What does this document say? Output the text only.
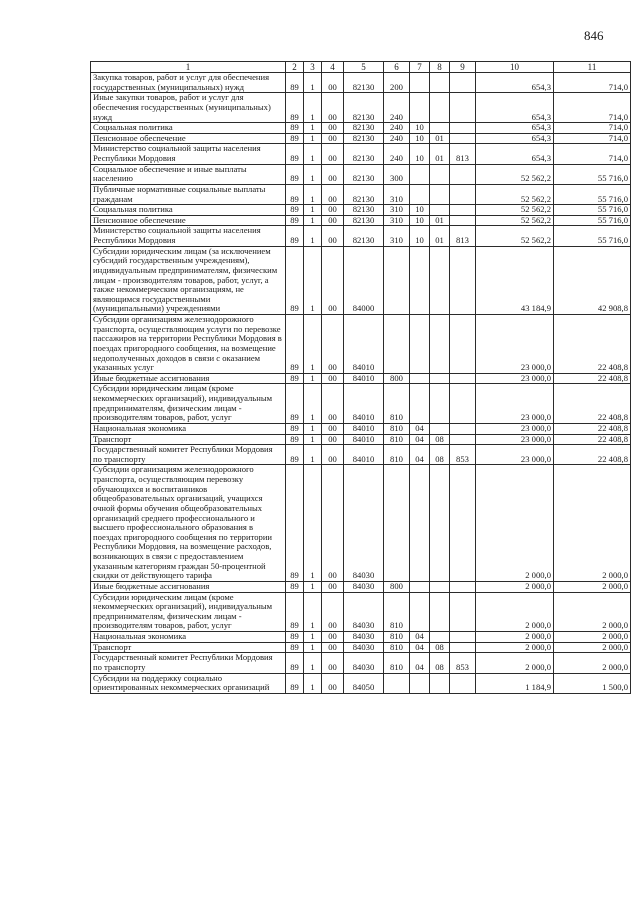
846
1	2	3	4	5	6	7	8	9	10	11
Закупка товаров, работ и услуг для обеспечения государственных (муниципальных) нужд	89	1	00	82130	200				654,3	714,0
Иные закупки товаров, работ и услуг для обеспечения государственных (муниципальных) нужд	89	1	00	82130	240				654,3	714,0
Социальная политика	89	1	00	82130	240	10			654,3	714,0
Пенсионное обеспечение	89	1	00	82130	240	10	01		654,3	714,0
Министерство социальной защиты населения Республики Мордовия	89	1	00	82130	240	10	01	813	654,3	714,0
Социальное обеспечение и иные выплаты населению	89	1	00	82130	300				52 562,2	55 716,0
Публичные нормативные социальные выплаты гражданам	89	1	00	82130	310				52 562,2	55 716,0
Социальная политика	89	1	00	82130	310	10			52 562,2	55 716,0
Пенсионное обеспечение	89	1	00	82130	310	10	01		52 562,2	55 716,0
Министерство социальной защиты населения Республики Мордовия	89	1	00	82130	310	10	01	813	52 562,2	55 716,0
Субсидии юридическим лицам (за исключением субсидий государственным учреждениям), индивидуальным предпринимателям, физическим лицам - производителям товаров, работ, услуг, а также некоммерческим организациям, не являющимся государственными (муниципальными) учреждениями	89	1	00	84000					43 184,9	42 908,8
Субсидии организациям железнодорожного транспорта, осуществляющим услуги по перевозке пассажиров на территории Республики Мордовия в поездах пригородного сообщения, на возмещение недополученных доходов в связи с оказанием указанных услуг	89	1	00	84010					23 000,0	22 408,8
Иные бюджетные ассигнования	89	1	00	84010	800				23 000,0	22 408,8
Субсидии юридическим лицам (кроме некоммерческих организаций), индивидуальным предпринимателям, физическим лицам - производителям товаров, работ, услуг	89	1	00	84010	810				23 000,0	22 408,8
Национальная экономика	89	1	00	84010	810	04			23 000,0	22 408,8
Транспорт	89	1	00	84010	810	04	08		23 000,0	22 408,8
Государственный комитет Республики Мордовия по транспорту	89	1	00	84010	810	04	08	853	23 000,0	22 408,8
Субсидии организациям железнодорожного транспорта, осуществляющим перевозку обучающихся и воспитанников общеобразовательных организаций, учащихся очной формы обучения общеобразовательных организаций среднего профессионального и высшего профессионального образования в поездах пригородного сообщения по территории Республики Мордовия, на возмещение расходов, возникающих в связи с предоставлением указанным категориям граждан 50-процентной скидки от действующего тарифа	89	1	00	84030					2 000,0	2 000,0
Иные бюджетные ассигнования	89	1	00	84030	800				2 000,0	2 000,0
Субсидии юридическим лицам (кроме некоммерческих организаций), индивидуальным предпринимателям, физическим лицам - производителям товаров, работ, услуг	89	1	00	84030	810				2 000,0	2 000,0
Национальная экономика	89	1	00	84030	810	04			2 000,0	2 000,0
Транспорт	89	1	00	84030	810	04	08		2 000,0	2 000,0
Государственный комитет Республики Мордовия по транспорту	89	1	00	84030	810	04	08	853	2 000,0	2 000,0
Субсидии на поддержку социально ориентированных некоммерческих организаций	89	1	00	84050					1 184,9	1 500,0
